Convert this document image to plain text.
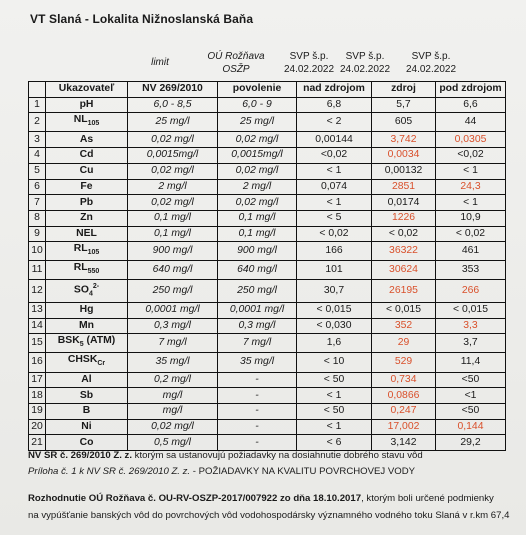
VT Slaná - Lokalita Nižnoslanská Baňa
limit
OÚ Rožňava
OSŽP
SVP š.p.
24.02.2022
SVP š.p.
24.02.2022
SVP š.p.
24.02.2022
	Ukazovateľ	NV 269/2010	povolenie	nad zdrojom	zdroj	pod zdrojom
1	pH	6,0 - 8,5	6,0 - 9	6,8	5,7	6,6
2	$NL_{105}$	25 mg/l	25 mg/l	< 2	605	44
3	As	0,02 mg/l	0,02 mg/l	0,00144	3,742	0,0305
4	Cd	0,0015mg/l	0,0015mg/l	<0,02	0,0034	<0,02
5	Cu	0,02 mg/l	0,02 mg/l	< 1	0,00132	< 1
6	Fe	2 mg/l	2 mg/l	0,074	2851	24,3
7	Pb	0,02 mg/l	0,02 mg/l	< 1	0,0174	< 1
8	Zn	0,1 mg/l	0,1 mg/l	< 5	1226	10,9
9	NEL	0,1 mg/l	0,1 mg/l	< 0,02	< 0,02	< 0,02
10	$RL_{105}$	900 mg/l	900 mg/l	166	36322	461
11	$RL_{550}$	640 mg/l	640 mg/l	101	30624	353
12	$SO_4^{2-}$	250 mg/l	250 mg/l	30,7	26195	266
13	Hg	0,0001 mg/l	0,0001 mg/l	< 0,015	< 0,015	< 0,015
14	Mn	0,3 mg/l	0,3 mg/l	< 0,030	352	3,3
15	$BSK_5$ (ATM)	7 mg/l	7 mg/l	1,6	29	3,7
16	$CHSK_{Cr}$	35 mg/l	35 mg/l	< 10	529	11,4
17	Al	0,2 mg/l	-	< 50	0,734	<50
18	Sb	mg/l	-	< 1	0,0866	<1
19	B	mg/l	-	< 50	0,247	<50
20	Ni	0,02 mg/l	-	< 1	17,002	0,144
21	Co	0,5 mg/l	-	< 6	3,142	29,2
NV SR č. 269/2010 Z. z. ktorým sa ustanovujú požiadavky na dosiahnutie dobrého stavu vôd
Príloha č. 1 k NV SR č. 269/2010 Z. z. - POŽIADAVKY NA KVALITU POVRCHOVEJ VODY
Rozhodnutie OÚ Rožňava č. OU-RV-OSZP-2017/007922 zo dňa 18.10.2017, ktorým boli určené podmienky
na vypúšťanie banských vôd do povrchových vôd vodohospodársky významného vodného toku Slaná v r.km 67,4
